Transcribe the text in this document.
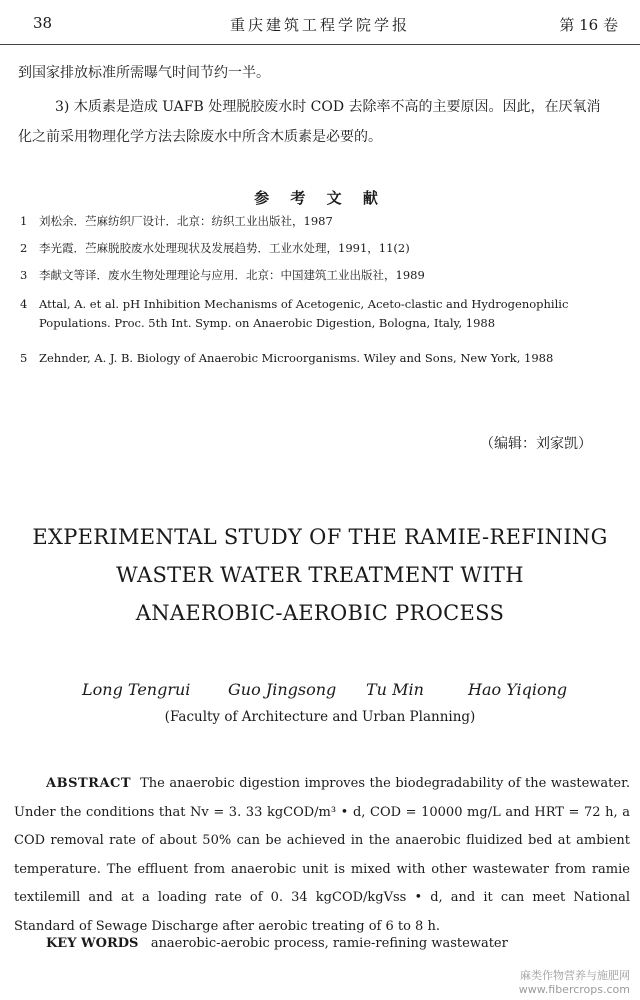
38	重庆建筑工程学院学报	第 16 卷
到国家排放标准所需曝气时间节约一半。
3) 木质素是造成 UAFB 处理脱胶废水时 COD 去除率不高的主要原因。因此，在厌氧消
化之前采用物理化学方法去除废水中所含木质素是必要的。
参 考 文 献
1 刘松余．苎麻纺织厂设计．北京：纺织工业出版社，1987
2 李光霞．苎麻脱胶废水处理现状及发展趋势．工业水处理，1991，11(2)
3 李献文等译．废水生物处理理论与应用．北京：中国建筑工业出版社，1989
4 Attal, A. et al. pH Inhibition Mechanisms of Acetogenic, Aceto-clastic and Hydrogenophilic Populations. Proc. 5th Int. Symp. on Anaerobic Digestion, Bologna, Italy, 1988
5 Zehnder, A. J. B. Biology of Anaerobic Microorganisms. Wiley and Sons, New York, 1988
（编辑：刘家凯）
EXPERIMENTAL STUDY OF THE RAMIE-REFINING
WASTER WATER TREATMENT WITH
ANAEROBIC-AEROBIC PROCESS
Long Tengrui Guo Jingsong Tu Min	Hao Yiqiong
(Faculty of Architecture and Urban Planning)
ABSTRACT The anaerobic digestion improves the biodegradability of the wastewater. Under the conditions that Nv = 3. 33 kgCOD/m³ • d, COD = 10000 mg/L and HRT = 72 h, a COD removal rate of about 50% can be achieved in the anaerobic fluidized bed at ambient temperature. The effluent from anaerobic unit is mixed with other wastewater from ramie textilemill and at a loading rate of 0. 34 kgCOD/kgVss • d, and it can meet National Standard of Sewage Discharge after aerobic treating of 6 to 8 h.
KEY WORDS anaerobic-aerobic process, ramie-refining wastewater
麻类作物营养与施肥网
www.fibercrops.com
